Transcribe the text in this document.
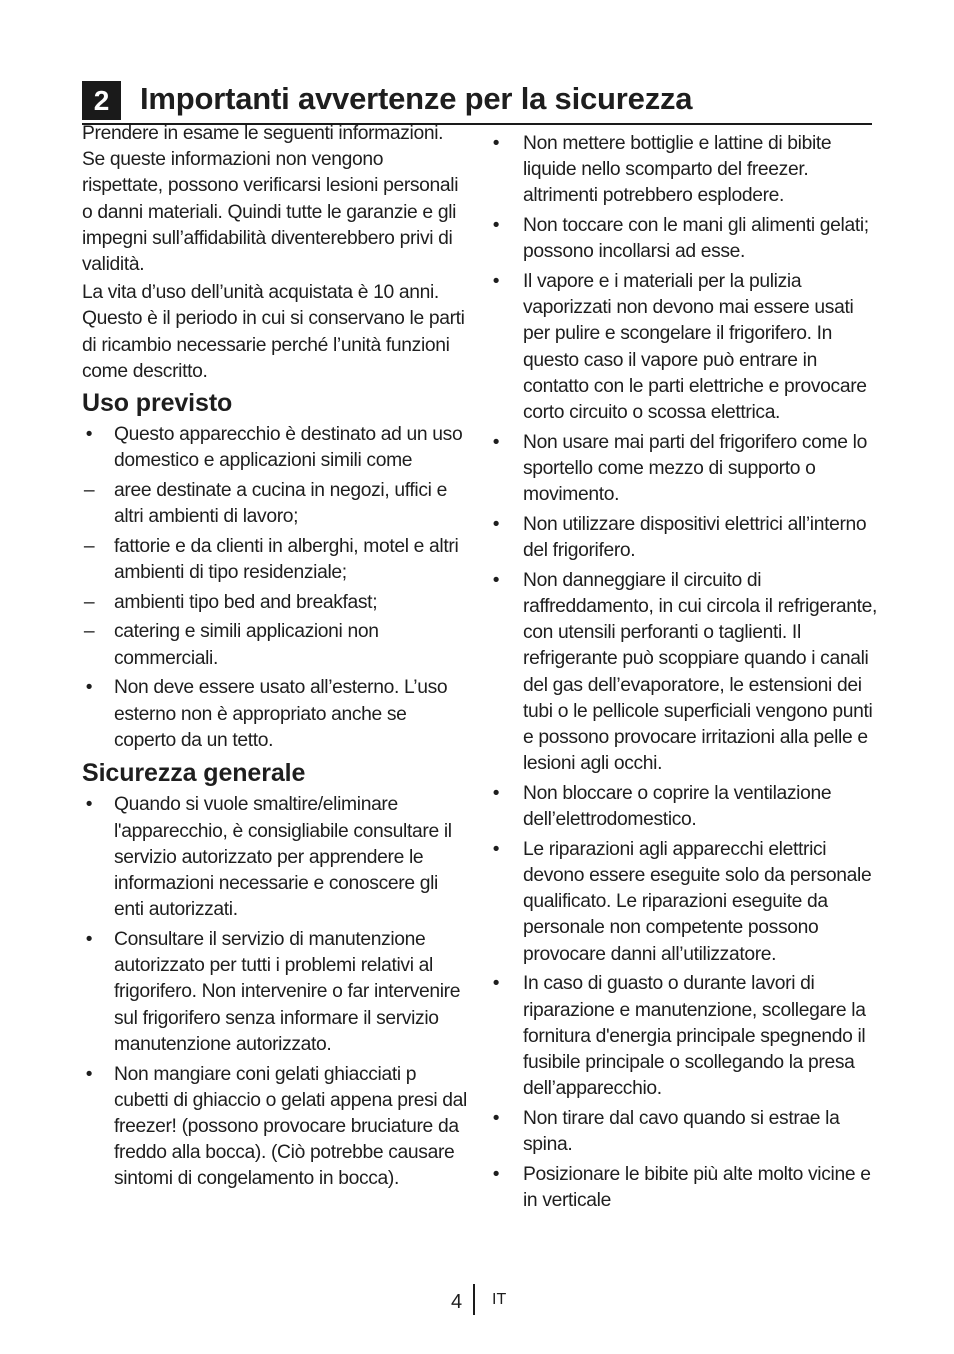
2 Importanti avvertenze per la sicurezza

Prendere in esame le seguenti informazioni. Se queste informazioni non vengono rispettate, possono verificarsi lesioni personali o danni materiali. Quindi tutte le garanzie e gli impegni sull’affidabilità diventerebbero privi di validità.

La vita d’uso dell’unità acquistata è 10 anni. Questo è il periodo in cui si conservano le parti di ricambio necessarie perché l’unità funzioni come descritto.

Uso previsto
• Questo apparecchio è destinato ad un uso domestico e applicazioni simili come
– aree destinate a cucina in negozi, uffici e altri ambienti di lavoro;
– fattorie e da clienti in alberghi, motel e altri ambienti di tipo residenziale;
– ambienti tipo bed and breakfast;
– catering e simili applicazioni non commerciali.
• Non deve essere usato all’esterno. L’uso esterno non è appropriato anche se coperto da un tetto.
Sicurezza generale
• Quando si vuole smaltire/eliminare l'apparecchio, è consigliabile consultare il servizio autorizzato per apprendere le informazioni necessarie e conoscere gli enti autorizzati.
• Consultare il servizio di manutenzione autorizzato per tutti i problemi relativi al frigorifero. Non intervenire o far intervenire sul frigorifero senza informare il servizio manutenzione autorizzato.
• Non mangiare coni gelati ghiacciati p cubetti di ghiaccio o gelati appena presi dal freezer! (possono provocare bruciature da freddo alla bocca). (Ciò potrebbe causare sintomi di congelamento in bocca).
• Non mettere bottiglie e lattine di bibite liquide nello scomparto del freezer. altrimenti potrebbero esplodere.
• Non toccare con le mani gli alimenti gelati; possono incollarsi ad esse.
• Il vapore e i materiali per la pulizia vaporizzati non devono mai essere usati per pulire e scongelare il frigorifero. In questo caso il vapore può entrare in contatto con le parti elettriche e provocare corto circuito o scossa elettrica.
• Non usare mai parti del frigorifero come lo sportello come mezzo di supporto o movimento.
• Non utilizzare dispositivi elettrici all’interno del frigorifero.
• Non danneggiare il circuito di raffreddamento, in cui circola il refrigerante, con utensili perforanti o taglienti. Il refrigerante può scoppiare quando i canali del gas dell’evaporatore, le estensioni dei tubi o le pellicole superficiali vengono punti e possono provocare irritazioni alla pelle e lesioni agli occhi.
• Non bloccare o coprire la ventilazione dell’elettrodomestico.
• Le riparazioni agli apparecchi elettrici devono essere eseguite solo da personale qualificato. Le riparazioni eseguite da personale non competente possono provocare danni all’utilizzatore.
• In caso di guasto o durante lavori di riparazione e manutenzione, scollegare la fornitura d'energia principale spegnendo il fusibile principale o scollegando la presa dell’apparecchio.
• Non tirare dal cavo quando si estrae la spina.
• Posizionare le bibite più alte molto vicine e in verticale
4 IT
